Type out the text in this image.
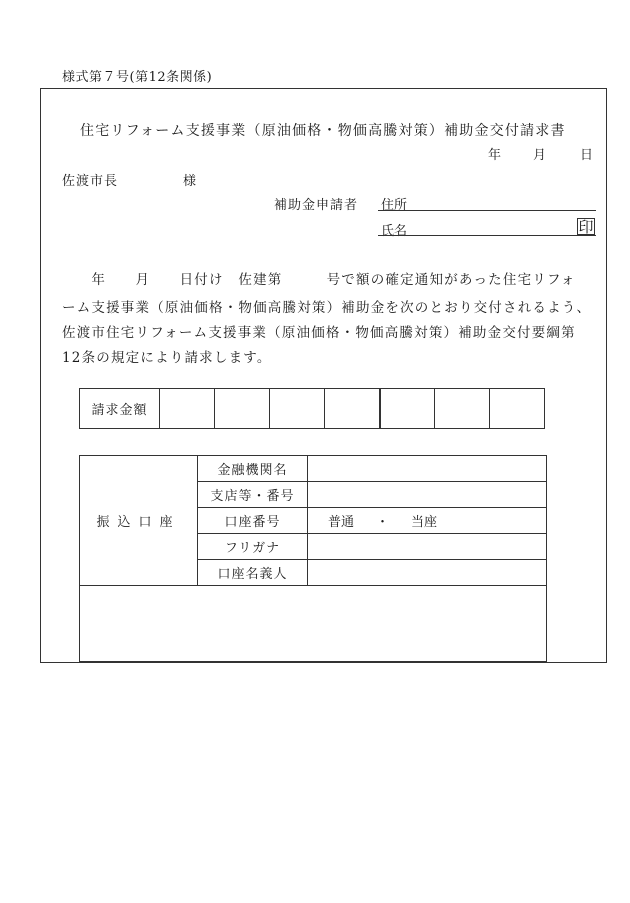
様式第７号(第12条関係)
住宅リフォーム支援事業（原油価格・物価高騰対策）補助金交付請求書
年 月	日
佐渡市長	様
補助金申請者 住所
氏名	印
　　年　　月　　日付け　佐建第　　　号で額の確定通知があった住宅リフォ
ーム支援事業（原油価格・物価高騰対策）補助金を次のとおり交付されるよう、
佐渡市住宅リフォーム支援事業（原油価格・物価高騰対策）補助金交付要綱第
12条の規定により請求します。
請求金額							
振込口座	金融機関名	
	支店等・番号	
	口座番号	普通 ・ 当座
	フリガナ	
	口座名義人	
